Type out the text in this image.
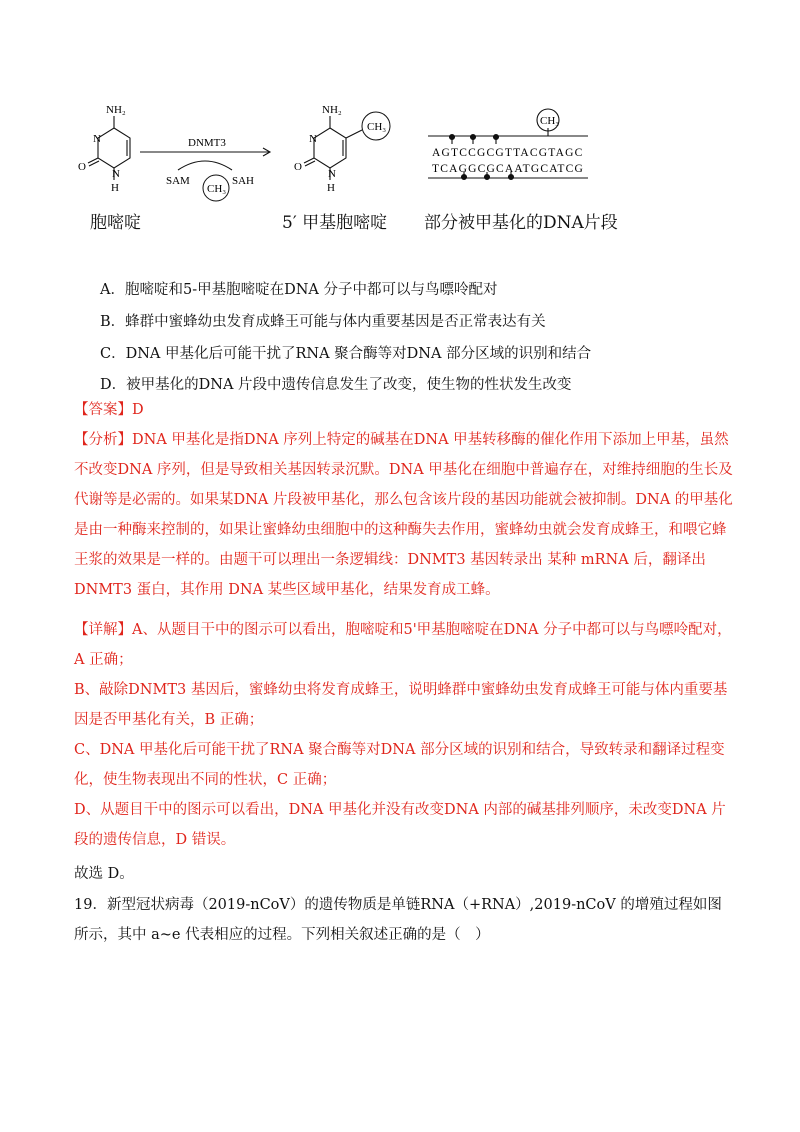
NH₂
N
O
N
H
DNMT3
SAM	SAH
CH₃
CH₃
NH₂
N
O
N
H
CH₃
AGTCCGCGTTACGTAGC
TCAGGCGCAATGCATCG
胞嘧啶	5′ 甲基胞嘧啶 部分被甲基化的DNA片段
A．胞嘧啶和5-甲基胞嘧啶在DNA 分子中都可以与鸟嘌呤配对
B．蜂群中蜜蜂幼虫发育成蜂王可能与体内重要基因是否正常表达有关
C．DNA 甲基化后可能干扰了RNA 聚合酶等对DNA 部分区域的识别和结合
D．被甲基化的DNA 片段中遗传信息发生了改变，使生物的性状发生改变
【答案】D
【分析】DNA 甲基化是指DNA 序列上特定的碱基在DNA 甲基转移酶的催化作用下添加上甲基，虽然不改变DNA 序列，但是导致相关基因转录沉默。DNA 甲基化在细胞中普遍存在，对维持细胞的生长及代谢等是必需的。如果某DNA 片段被甲基化，那么包含该片段的基因功能就会被抑制。DNA 的甲基化是由一种酶来控制的，如果让蜜蜂幼虫细胞中的这种酶失去作用，蜜蜂幼虫就会发育成蜂王，和喂它蜂王浆的效果是一样的。由题干可以理出一条逻辑线：DNMT3 基因转录出 某种 mRNA 后，翻译出 DNMT3 蛋白，其作用 DNA 某些区域甲基化，结果发育成工蜂。
【详解】A、从题目干中的图示可以看出，胞嘧啶和5'甲基胞嘧啶在DNA 分子中都可以与鸟嘌呤配对，A 正确；
B、敲除DNMT3 基因后，蜜蜂幼虫将发育成蜂王，说明蜂群中蜜蜂幼虫发育成蜂王可能与体内重要基因是否甲基化有关，B 正确；
C、DNA 甲基化后可能干扰了RNA 聚合酶等对DNA 部分区域的识别和结合，导致转录和翻译过程变化，使生物表现出不同的性状，C 正确；
D、从题目干中的图示可以看出，DNA 甲基化并没有改变DNA 内部的碱基排列顺序，未改变DNA 片段的遗传信息，D 错误。
故选 D。
19．新型冠状病毒（2019-nCoV）的遗传物质是单链RNA（+RNA）,2019-nCoV 的增殖过程如图所示，其中 a~e 代表相应的过程。下列相关叙述正确的是（　）
